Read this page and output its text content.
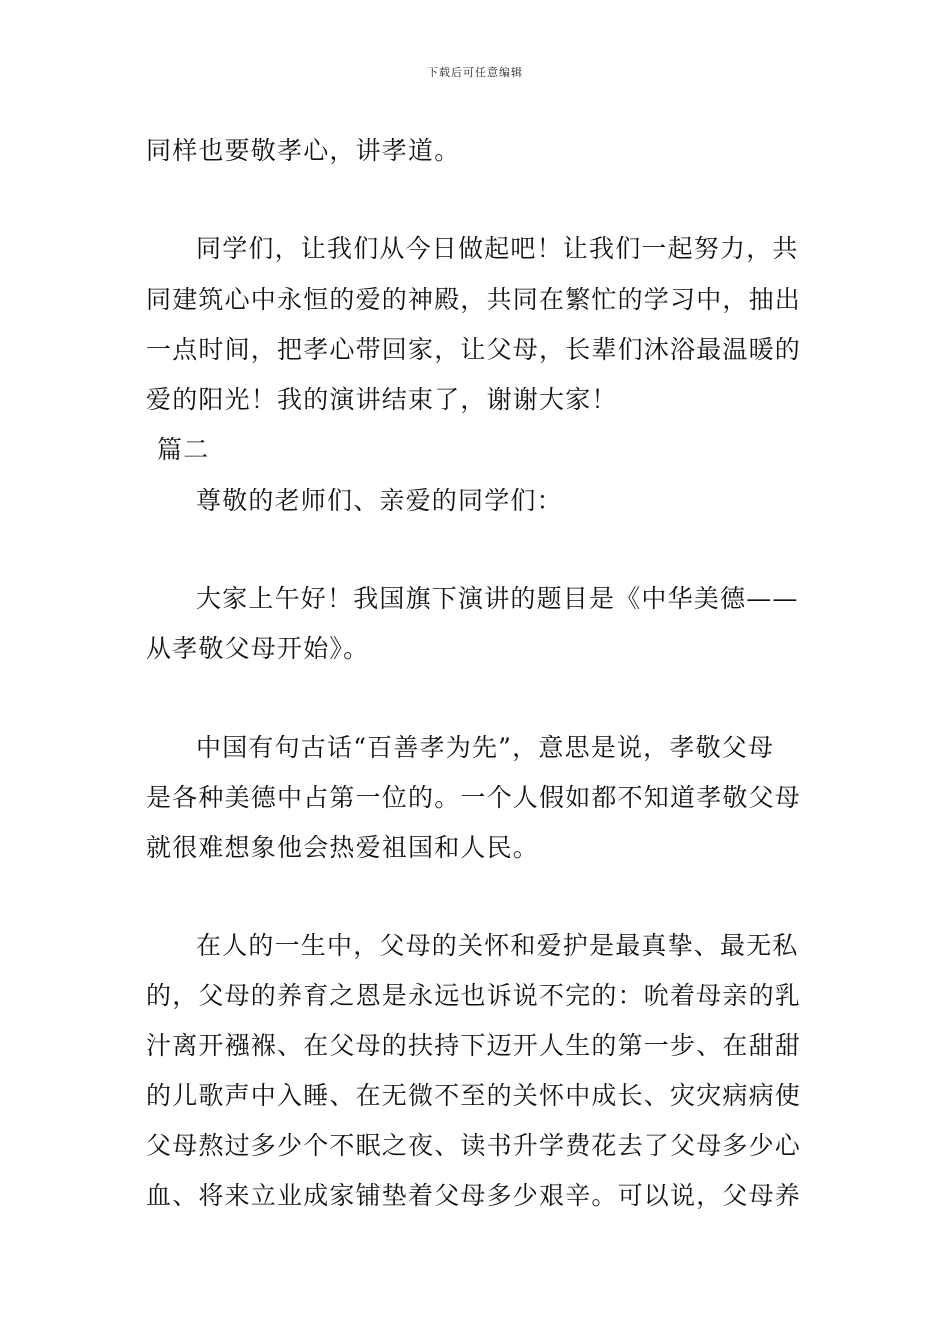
下载后可任意编辑
同样也要敬孝心，讲孝道。
同学们，让我们从今日做起吧！让我们一起努力，共
同建筑心中永恒的爱的神殿，共同在繁忙的学习中，抽出
一点时间，把孝心带回家，让父母，长辈们沐浴最温暖的
爱的阳光！我的演讲结束了，谢谢大家！
篇二
尊敬的老师们、亲爱的同学们：
大家上午好！我国旗下演讲的题目是《中华美德——
从孝敬父母开始》。
中国有句古话“百善孝为先”，意思是说，孝敬父母
是各种美德中占第一位的。一个人假如都不知道孝敬父母
就很难想象他会热爱祖国和人民。
在人的一生中，父母的关怀和爱护是最真挚、最无私
的，父母的养育之恩是永远也诉说不完的：吮着母亲的乳
汁离开襁褓、在父母的扶持下迈开人生的第一步、在甜甜
的儿歌声中入睡、在无微不至的关怀中成长、灾灾病病使
父母熬过多少个不眠之夜、读书升学费花去了父母多少心
血、将来立业成家铺垫着父母多少艰辛。可以说，父母养
